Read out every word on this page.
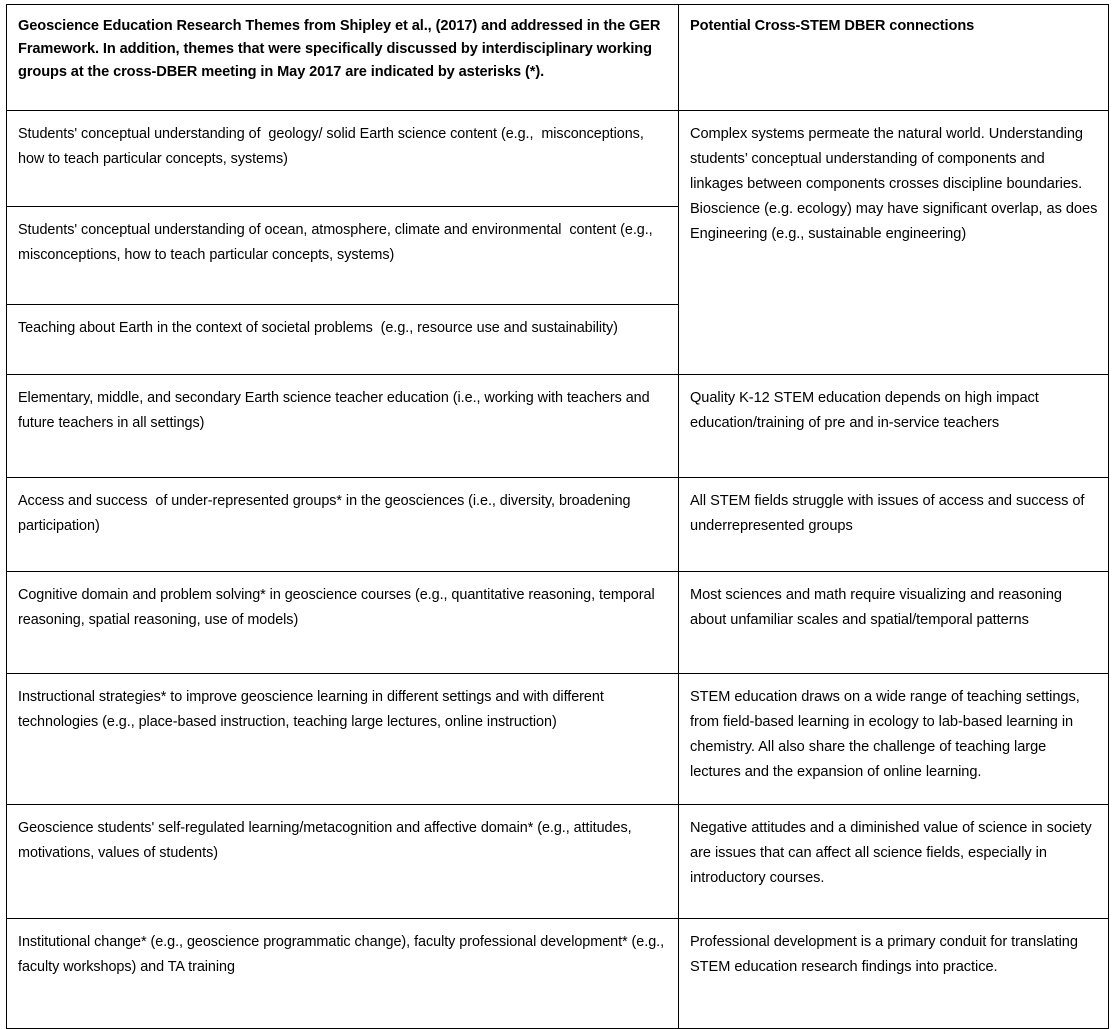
Geoscience Education Research Themes from Shipley et al., (2017) and addressed in the GER Framework. In addition, themes that were specifically discussed by interdisciplinary working groups at the cross-DBER meeting in May 2017 are indicated by asterisks (*).	Potential Cross-STEM DBER connections

Students' conceptual understanding of  geology/ solid Earth science content (e.g.,  misconceptions, how to teach particular concepts, systems)	Complex systems permeate the natural world. Understanding students’ conceptual understanding of components and linkages between components crosses discipline boundaries. Bioscience (e.g. ecology) may have significant overlap, as does Engineering (e.g., sustainable engineering)

Students' conceptual understanding of ocean, atmosphere, climate and environmental  content (e.g., misconceptions, how to teach particular concepts, systems)	

Teaching about Earth in the context of societal problems  (e.g., resource use and sustainability)	

Elementary, middle, and secondary Earth science teacher education (i.e., working with teachers and future teachers in all settings)	Quality K-12 STEM education depends on high impact education/training of pre and in-service teachers

Access and success  of under-represented groups* in the geosciences (i.e., diversity, broadening participation)	All STEM fields struggle with issues of access and success of underrepresented groups

Cognitive domain and problem solving* in geoscience courses (e.g., quantitative reasoning, temporal reasoning, spatial reasoning, use of models)	Most sciences and math require visualizing and reasoning about unfamiliar scales and spatial/temporal patterns

Instructional strategies* to improve geoscience learning in different settings and with different technologies (e.g., place-based instruction, teaching large lectures, online instruction)	STEM education draws on a wide range of teaching settings, from field-based learning in ecology to lab-based learning in chemistry. All also share the challenge of teaching large lectures and the expansion of online learning.

Geoscience students' self-regulated learning/metacognition and affective domain* (e.g., attitudes, motivations, values of students)	Negative attitudes and a diminished value of science in society are issues that can affect all science fields, especially in introductory courses.

Institutional change* (e.g., geoscience programmatic change), faculty professional development* (e.g., faculty workshops) and TA training	Professional development is a primary conduit for translating STEM education research findings into practice.
